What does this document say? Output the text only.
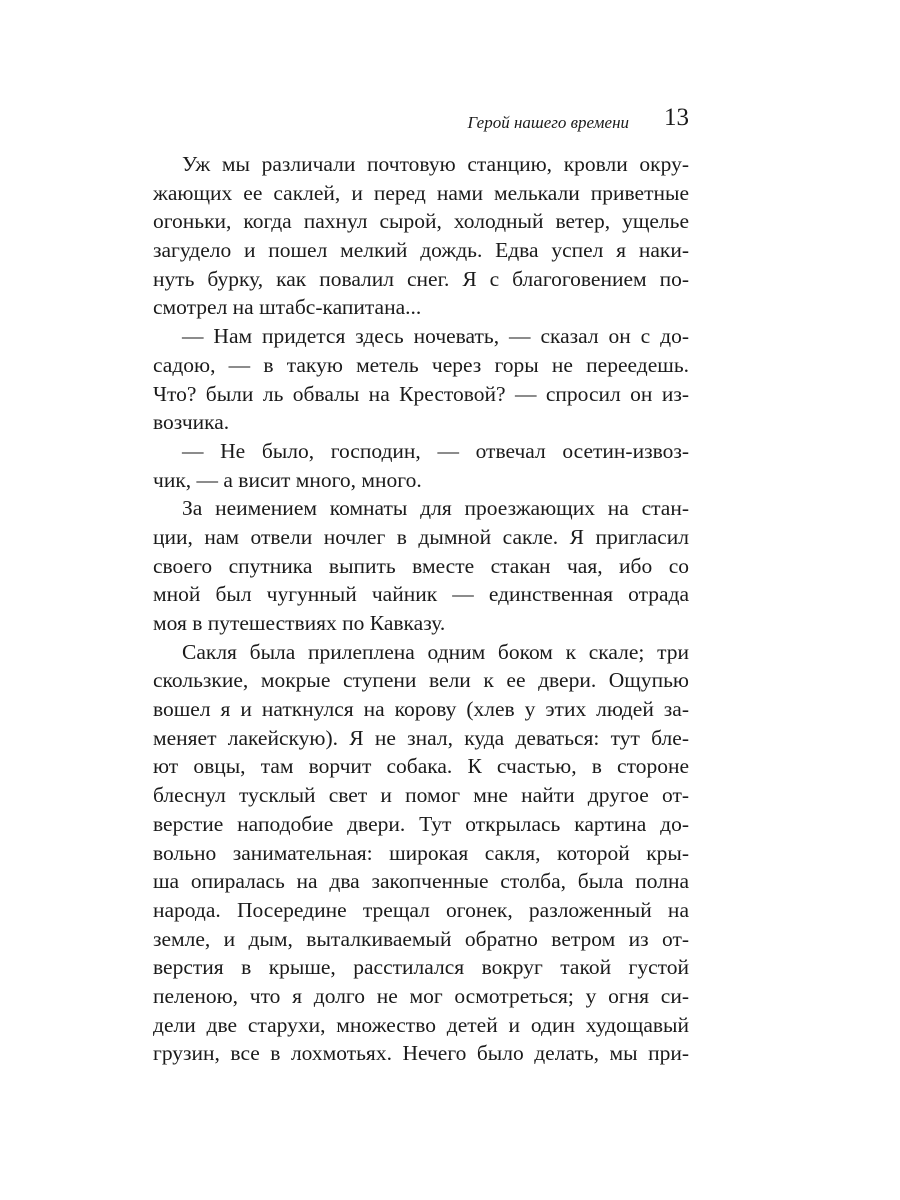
Герой нашего времени 13
Уж мы различали почтовую станцию, кровли окру-
жающих ее саклей, и перед нами мелькали приветные
огоньки, когда пахнул сырой, холодный ветер, ущелье
загудело и пошел мелкий дождь. Едва успел я наки-
нуть бурку, как повалил снег. Я с благоговением по-
смотрел на штабс-капитана...
— Нам придется здесь ночевать, — сказал он с до-
садою, — в такую метель через горы не переедешь.
Что? были ль обвалы на Крестовой? — спросил он из-
возчика.
— Не было, господин, — отвечал осетин-извоз-
чик, — а висит много, много.
За неимением комнаты для проезжающих на стан-
ции, нам отвели ночлег в дымной сакле. Я пригласил
своего спутника выпить вместе стакан чая, ибо со
мной был чугунный чайник — единственная отрада
моя в путешествиях по Кавказу.
Сакля была прилеплена одним боком к скале; три
скользкие, мокрые ступени вели к ее двери. Ощупью
вошел я и наткнулся на корову (хлев у этих людей за-
меняет лакейскую). Я не знал, куда деваться: тут бле-
ют овцы, там ворчит собака. К счастью, в стороне
блеснул тусклый свет и помог мне найти другое от-
верстие наподобие двери. Тут открылась картина до-
вольно занимательная: широкая сакля, которой кры-
ша опиралась на два закопченные столба, была полна
народа. Посередине трещал огонек, разложенный на
земле, и дым, выталкиваемый обратно ветром из от-
верстия в крыше, расстилался вокруг такой густой
пеленою, что я долго не мог осмотреться; у огня си-
дели две старухи, множество детей и один худощавый
грузин, все в лохмотьях. Нечего было делать, мы при-
